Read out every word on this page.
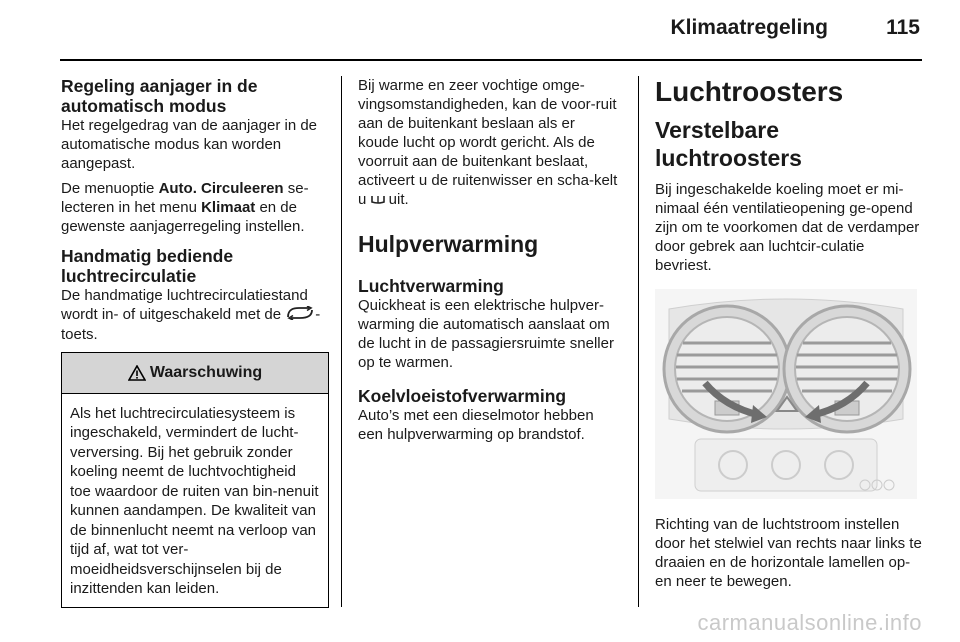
Klimaatregeling	115
Regeling aanjager in de automatisch modus

Het regelgedrag van de aanjager in de automatische modus kan worden aangepast.

De menuoptie Auto. Circuleeren se-lecteren in het menu Klimaat en de gewenste aanjagerregeling instellen.

Handmatig bediende luchtrecirculatie

De handmatige luchtrecirculatiestand wordt in- of uitgeschakeld met de -toets.

Waarschuwing
Als het luchtrecirculatiesysteem is ingeschakeld, vermindert de lucht-verversing. Bij het gebruik zonder koeling neemt de luchtvochtigheid toe waardoor de ruiten van bin-nenuit kunnen aandampen. De kwaliteit van de binnenlucht neemt na verloop van tijd af, wat tot ver-moeidheidsverschijnselen bij de inzittenden kan leiden.

Bij warme en zeer vochtige omge-vingsomstandigheden, kan de voor-ruit aan de buitenkant beslaan als er koude lucht op wordt gericht. Als de voorruit aan de buitenkant beslaat, activeert u de ruitenwisser en scha-kelt u  uit.

Hulpverwarming
Luchtverwarming

Quickheat is een elektrische hulpver-warming die automatisch aanslaat om de lucht in de passagiersruimte sneller op te warmen.

Koelvloeistofverwarming

Auto’s met een dieselmotor hebben een hulpverwarming op brandstof.

Luchtroosters
Verstelbare luchtroosters

Bij ingeschakelde koeling moet er mi-nimaal één ventilatieopening ge-opend zijn om te voorkomen dat de verdamper door gebrek aan luchtcir-culatie bevriest.

Richting van de luchtstroom instellen door het stelwiel van rechts naar links te draaien en de horizontale lamellen op- en neer te bewegen.

carmanualsonline.info
